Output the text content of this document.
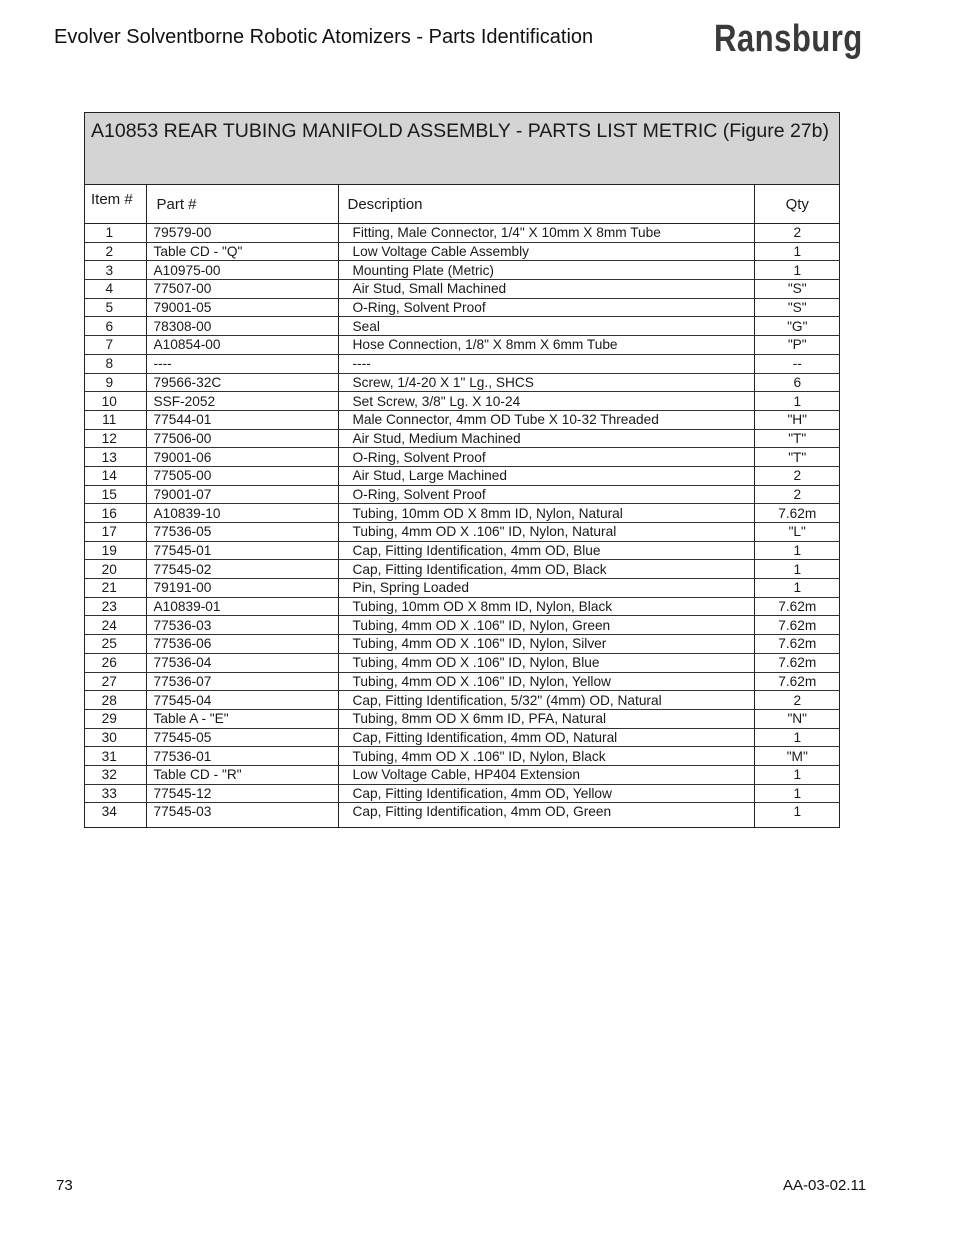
Evolver Solventborne Robotic Atomizers - Parts Identification	Ransburg
A10853 REAR TUBING MANIFOLD ASSEMBLY - PARTS LIST METRIC (Figure 27b)
Item #	Part #	Description	Qty
1	79579-00	Fitting, Male Connector, 1/4" X 10mm X 8mm Tube	2
2	Table CD - "Q"	Low Voltage Cable Assembly	1
3	A10975-00	Mounting Plate (Metric)	1
4	77507-00	Air Stud, Small Machined	"S"
5	79001-05	O-Ring, Solvent Proof	"S"
6	78308-00	Seal	"G"
7	A10854-00	Hose Connection, 1/8" X 8mm X 6mm Tube	"P"
8	----	----	--
9	79566-32C	Screw, 1/4-20 X 1" Lg., SHCS	6
10	SSF-2052	Set Screw, 3/8" Lg. X 10-24	1
11	77544-01	Male Connector, 4mm OD Tube X 10-32 Threaded	"H"
12	77506-00	Air Stud, Medium Machined	"T"
13	79001-06	O-Ring, Solvent Proof	"T"
14	77505-00	Air Stud, Large Machined	2
15	79001-07	O-Ring, Solvent Proof	2
16	A10839-10	Tubing, 10mm OD X 8mm ID, Nylon, Natural	7.62m
17	77536-05	Tubing, 4mm OD X .106" ID, Nylon, Natural	"L"
19	77545-01	Cap, Fitting Identification, 4mm OD, Blue	1
20	77545-02	Cap, Fitting Identification, 4mm OD, Black	1
21	79191-00	Pin, Spring Loaded	1
23	A10839-01	Tubing, 10mm OD X 8mm ID, Nylon, Black	7.62m
24	77536-03	Tubing, 4mm OD X .106" ID, Nylon, Green	7.62m
25	77536-06	Tubing, 4mm OD X .106" ID, Nylon, Silver	7.62m
26	77536-04	Tubing, 4mm OD X .106" ID, Nylon, Blue	7.62m
27	77536-07	Tubing, 4mm OD X .106" ID, Nylon, Yellow	7.62m
28	77545-04	Cap, Fitting Identification, 5/32" (4mm) OD, Natural	2
29	Table A - "E"	Tubing, 8mm OD X 6mm ID, PFA, Natural	"N"
30	77545-05	Cap, Fitting Identification, 4mm OD, Natural	1
31	77536-01	Tubing, 4mm OD X .106" ID, Nylon, Black	"M"
32	Table CD - "R"	Low Voltage Cable, HP404 Extension	1
33	77545-12	Cap, Fitting Identification, 4mm OD, Yellow	1
34	77545-03	Cap, Fitting Identification, 4mm OD, Green	1
73	AA-03-02.11
